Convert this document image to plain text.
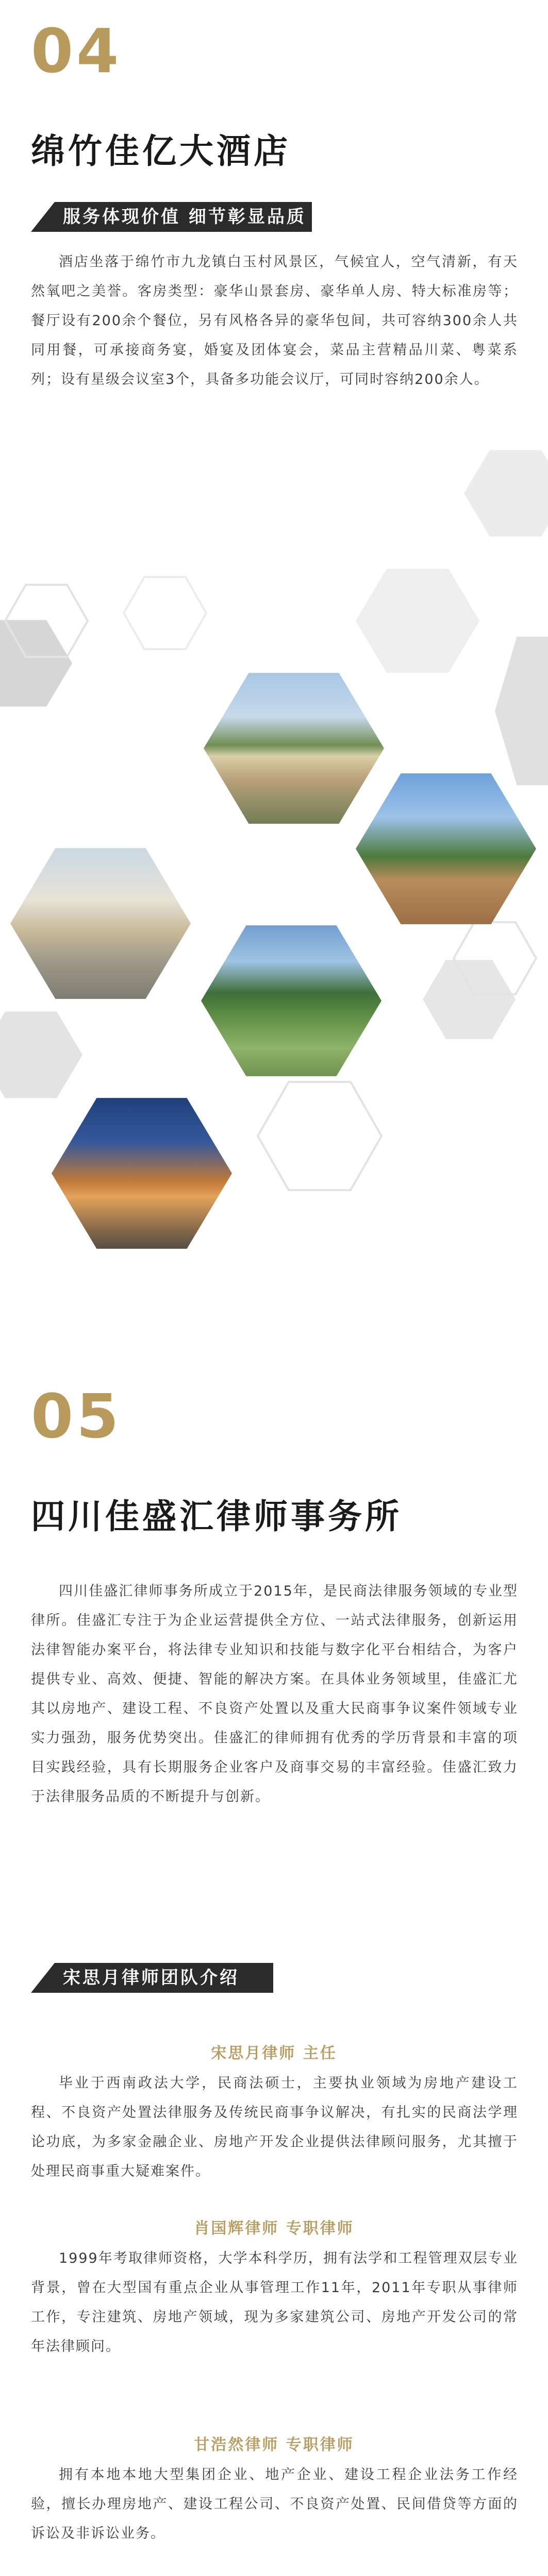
04
绵竹佳亿大酒店
服务体现价值 细节彰显品质
酒店坐落于绵竹市九龙镇白玉村风景区，气候宜人，空气清新，有天然氧吧之美誉。客房类型：豪华山景套房、豪华单人房、特大标准房等；餐厅设有200余个餐位，另有风格各异的豪华包间，共可容纳300余人共同用餐，可承接商务宴，婚宴及团体宴会，菜品主营精品川菜、粤菜系列；设有星级会议室3个，具备多功能会议厅，可同时容纳200余人。
05
四川佳盛汇律师事务所
四川佳盛汇律师事务所成立于2015年，是民商法律服务领域的专业型律所。佳盛汇专注于为企业运营提供全方位、一站式法律服务，创新运用法律智能办案平台，将法律专业知识和技能与数字化平台相结合，为客户提供专业、高效、便捷、智能的解决方案。在具体业务领域里，佳盛汇尤其以房地产、建设工程、不良资产处置以及重大民商事争议案件领域专业实力强劲，服务优势突出。佳盛汇的律师拥有优秀的学历背景和丰富的项目实践经验，具有长期服务企业客户及商事交易的丰富经验。佳盛汇致力于法律服务品质的不断提升与创新。
宋思月律师团队介绍
宋思月律师 主任
毕业于西南政法大学，民商法硕士，主要执业领域为房地产建设工程、不良资产处置法律服务及传统民商事争议解决，有扎实的民商法学理论功底，为多家金融企业、房地产开发企业提供法律顾问服务，尤其擅于处理民商事重大疑难案件。
肖国辉律师 专职律师
1999年考取律师资格，大学本科学历，拥有法学和工程管理双层专业背景，曾在大型国有重点企业从事管理工作11年，2011年专职从事律师工作，专注建筑、房地产领域，现为多家建筑公司、房地产开发公司的常年法律顾问。
甘浩然律师 专职律师
拥有本地本地大型集团企业、地产企业、建设工程企业法务工作经验，擅长办理房地产、建设工程公司、不良资产处置、民间借贷等方面的诉讼及非诉讼业务。
